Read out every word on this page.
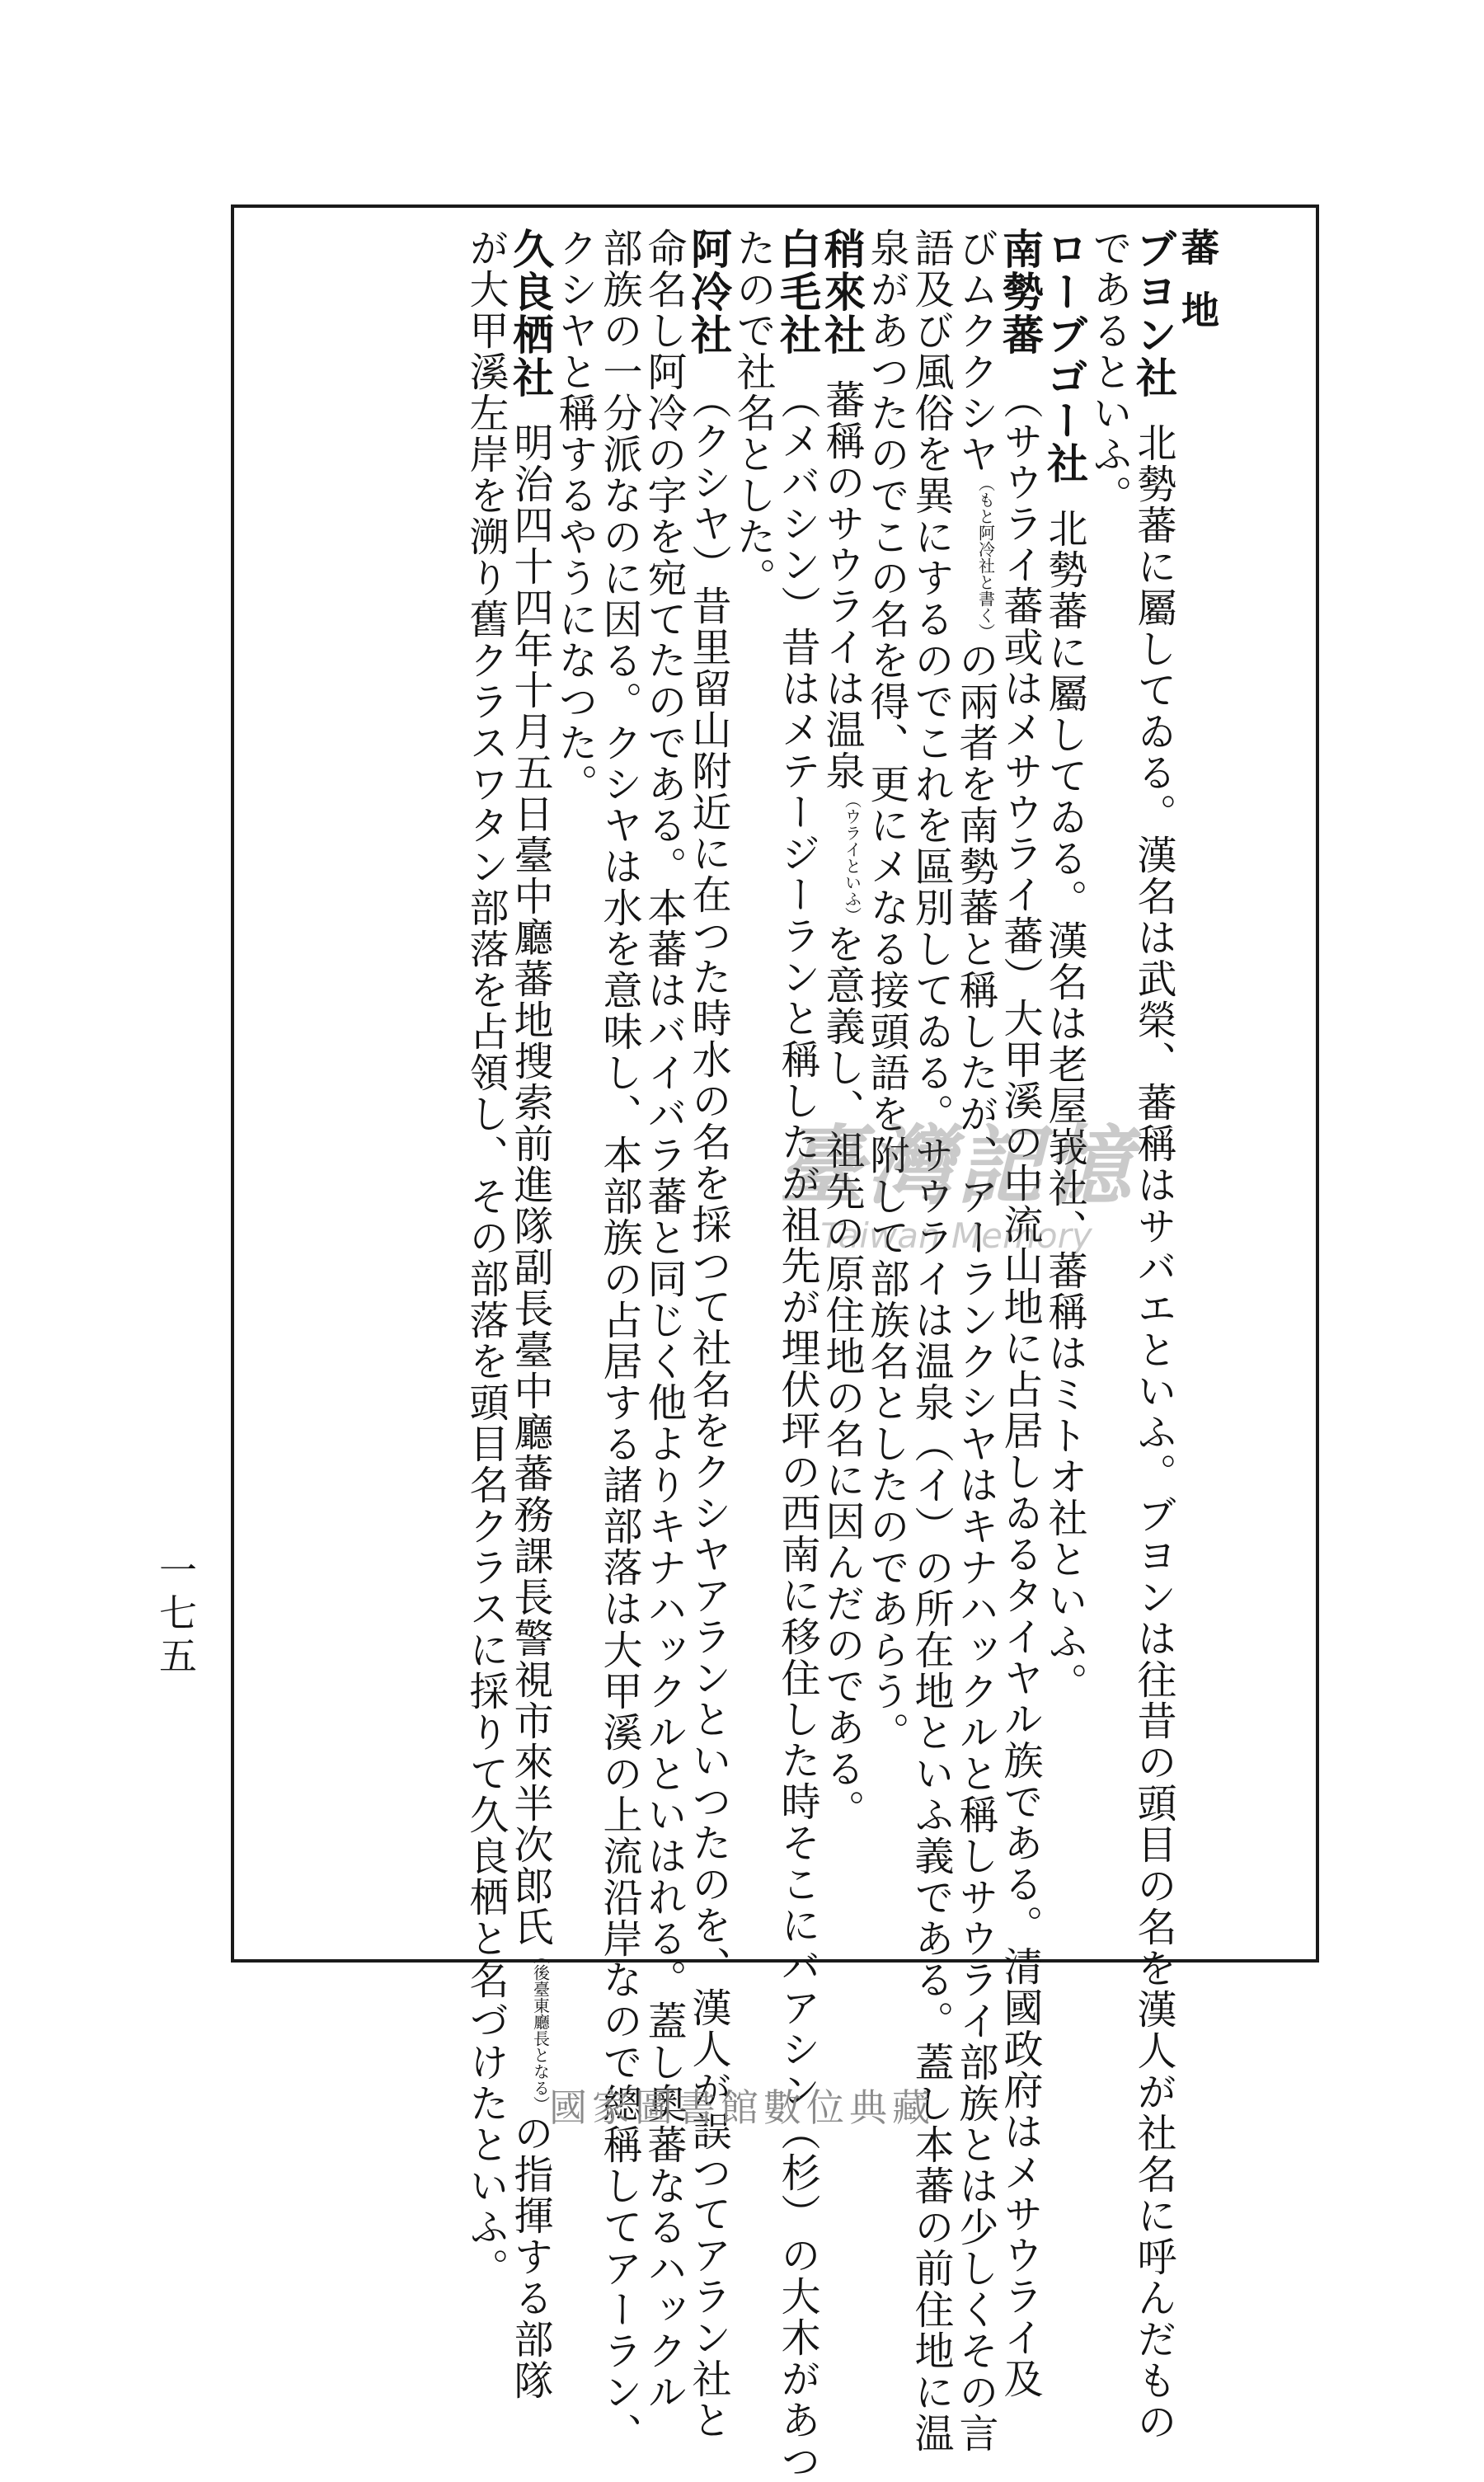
蕃地
ブヨン社北勢蕃に屬してゐる。漢名は武榮、蕃稱はサバエといふ。ブヨンは往昔の頭目の名を漢人が社名に呼んだもの
であるといふ。
ローブゴー社北勢蕃に屬してゐる。漢名は老屋峩社、蕃稱はミトオ社といふ。
南勢蕃（サウライ蕃或はメサウライ蕃）大甲溪の中流山地に占居しゐるタイヤル族である。清國政府はメサウライ及
びムククシヤ（もと阿冷社と書く）の兩者を南勢蕃と稱したが、アーランクシヤはキナハックルと稱しサウライ部族とは少しくその言
語及び風俗を異にするのでこれを區別してゐる。サウライは温泉（イ）の所在地といふ義である。蓋し本蕃の前住地に温
泉があつたのでこの名を得、更にメなる接頭語を附して部族名としたのであらう。
稍來社蕃稱のサウライは温泉（ウライといふ）を意義し、祖先の原住地の名に因んだのである。
白毛社（メバシン）昔はメテージーランと稱したが祖先が埋伏坪の西南に移住した時そこにバアシン（杉）の大木があつ
たので社名とした。
阿冷社（クシヤ）昔里留山附近に在つた時水の名を採つて社名をクシヤアランといつたのを、漢人が誤つてアラン社と
命名し阿冷の字を宛てたのである。本蕃はバイバラ蕃と同じく他よりキナハックルといはれる。蓋し奧蕃なるハックル
部族の一分派なのに因る。クシヤは水を意味し、本部族の占居する諸部落は大甲溪の上流沿岸なので總稱してアーラン、
クシヤと稱するやうになつた。
久良栖社明治四十四年十月五日臺中廳蕃地搜索前進隊副長臺中廳蕃務課長警視市來半次郎氏（後臺東廳長となる）の指揮する部隊
が大甲溪左岸を溯り舊クラスワタン部落を占領し、その部落を頭目名クラスに採りて久良栖と名づけたといふ。
一七五
臺灣記憶
Taiwan Memory
國家圖書館數位典藏
